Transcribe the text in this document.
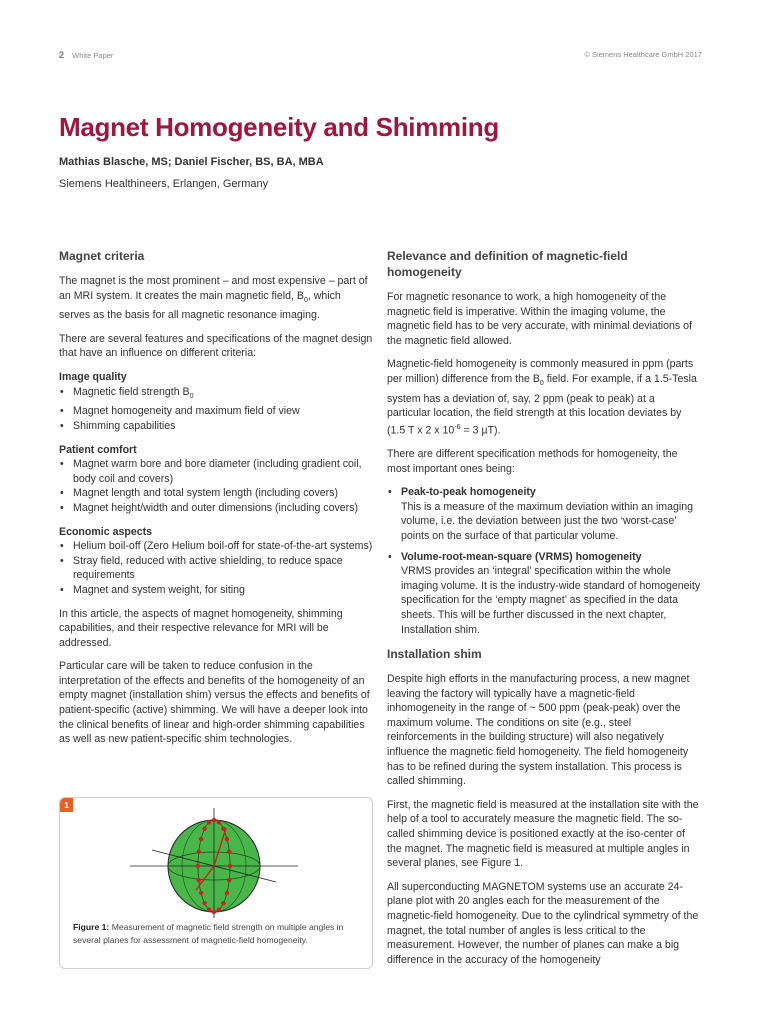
2 White Paper	© Siemens Healthcare GmbH 2017
Magnet Homogeneity and Shimming
Mathias Blasche, MS; Daniel Fischer, BS, BA, MBA
Siemens Healthineers, Erlangen, Germany
Magnet criteria

The magnet is the most prominent – and most expensive – part of an MRI system. It creates the main magnetic field, $B_0$, which serves as the basis for all magnetic resonance imaging.

There are several features and specifications of the magnet design that have an influence on different criteria:

Image quality
• Magnetic field strength $B_0$
• Magnet homogeneity and maximum field of view
• Shimming capabilities
Patient comfort
• Magnet warm bore and bore diameter (including gradient coil, body coil and covers)
• Magnet length and total system length (including covers)
• Magnet height/width and outer dimensions (including covers)
Economic aspects
• Helium boil-off (Zero Helium boil-off for state-of-the-art systems)
• Stray field, reduced with active shielding, to reduce space requirements
• Magnet and system weight, for siting

In this article, the aspects of magnet homogeneity, shimming capabilities, and their respective relevance for MRI will be addressed.

Particular care will be taken to reduce confusion in the interpretation of the effects and benefits of the homogeneity of an empty magnet (installation shim) versus the effects and benefits of patient-specific (active) shimming. We will have a deeper look into the clinical benefits of linear and high-order shimming capabilities as well as new patient-specific shim technologies.

1
Figure 1: Measurement of magnetic field strength on multiple angles in several planes for assessment of magnetic-field homogeneity.
Relevance and definition of magnetic-field homogeneity

For magnetic resonance to work, a high homogeneity of the magnetic field is imperative. Within the imaging volume, the magnetic field has to be very accurate, with minimal deviations of the magnetic field allowed.

Magnetic-field homogeneity is commonly measured in ppm (parts per million) difference from the $B_0$ field. For example, if a 1.5-Tesla system has a deviation of, say, 2 ppm (peak to peak) at a particular location, the field strength at this location deviates by (1.5 T x 2 x $10^{-6} = 3$ µT).

There are different specification methods for homogeneity, the most important ones being:

• Peak-to-peak homogeneity
This is a measure of the maximum deviation within an imaging volume, i.e. the deviation between just the two ‘worst-case’ points on the surface of that particular volume.
• Volume-root-mean-square (VRMS) homogeneity
VRMS provides an ‘integral’ specification within the whole imaging volume. It is the industry-wide standard of homogeneity specification for the ‘empty magnet’ as specified in the data sheets. This will be further discussed in the next chapter, Installation shim.
Installation shim

Despite high efforts in the manufacturing process, a new magnet leaving the factory will typically have a magnetic-field inhomogeneity in the range of ~ 500 ppm (peak-peak) over the maximum volume. The conditions on site (e.g., steel reinforcements in the building structure) will also negatively influence the magnetic field homogeneity. The field homogeneity has to be refined during the system installation. This process is called shimming.

First, the magnetic field is measured at the installation site with the help of a tool to accurately measure the magnetic field. The so-called shimming device is positioned exactly at the iso-center of the magnet. The magnetic field is measured at multiple angles in several planes, see Figure 1.

All superconducting MAGNETOM systems use an accurate 24-plane plot with 20 angles each for the measurement of the magnetic-field homogeneity. Due to the cylindrical symmetry of the magnet, the total number of angles is less critical to the measurement. However, the number of planes can make a big difference in the accuracy of the homogeneity
